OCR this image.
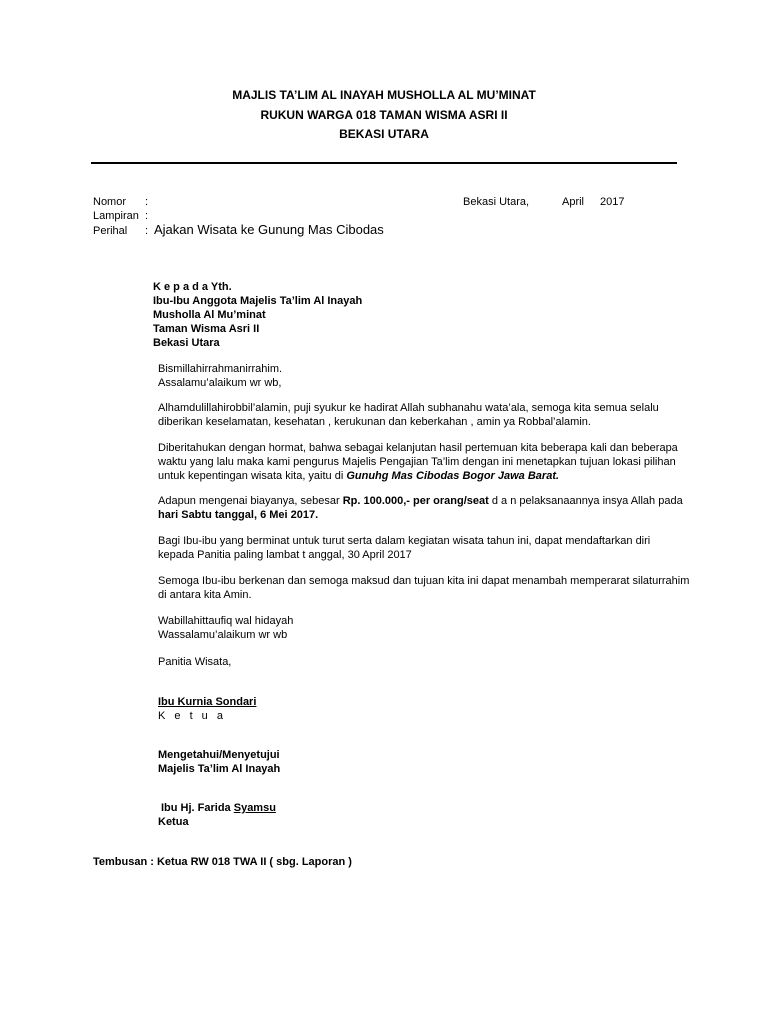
MAJLIS TA’LIM AL INAYAH MUSHOLLA AL MU’MINAT
RUKUN WARGA 018 TAMAN WISMA ASRI II
BEKASI UTARA
Nomor :
Lampiran :
Perihal : Ajakan Wisata ke Gunung Mas Cibodas
Bekasi Utara,	April 2017
K e p a d a Yth.
Ibu-Ibu Anggota Majelis Ta’lim Al Inayah
Musholla Al Mu’minat
Taman Wisma Asri II
Bekasi Utara
Bismillahirrahmanirrahim.
Assalamu’alaikum wr wb,
Alhamdulillahirobbil’alamin, puji syukur ke hadirat Allah subhanahu wata’ala, semoga kita semua selalu
diberikan keselamatan, kesehatan , kerukunan dan keberkahan , amin ya Robbal’alamin.
Diberitahukan dengan hormat, bahwa sebagai kelanjutan hasil pertemuan kita beberapa kali dan beberapa
waktu yang lalu maka kami pengurus Majelis Pengajian Ta’lim dengan ini menetapkan tujuan lokasi pilihan
untuk kepentingan wisata kita, yaitu di Gunuhg Mas Cibodas Bogor Jawa Barat.
Adapun mengenai biayanya, sebesar Rp. 100.000,- per orang/seat d a n pelaksanaannya insya Allah pada
hari Sabtu tanggal, 6 Mei 2017.
Bagi Ibu-ibu yang berminat untuk turut serta dalam kegiatan wisata tahun ini, dapat mendaftarkan diri
kepada Panitia paling lambat t anggal, 30 April 2017
Semoga Ibu-ibu berkenan dan semoga maksud dan tujuan kita ini dapat menambah memperarat silaturrahim
di antara kita Amin.
Wabillahittaufiq wal hidayah
Wassalamu’alaikum wr wb
Panitia Wisata,
Ibu Kurnia Sondari
K e t u a
Mengetahui/Menyetujui
Majelis Ta’lim Al Inayah
Ibu Hj. Farida Syamsu
Ketua
Tembusan : Ketua RW 018 TWA II ( sbg. Laporan )
